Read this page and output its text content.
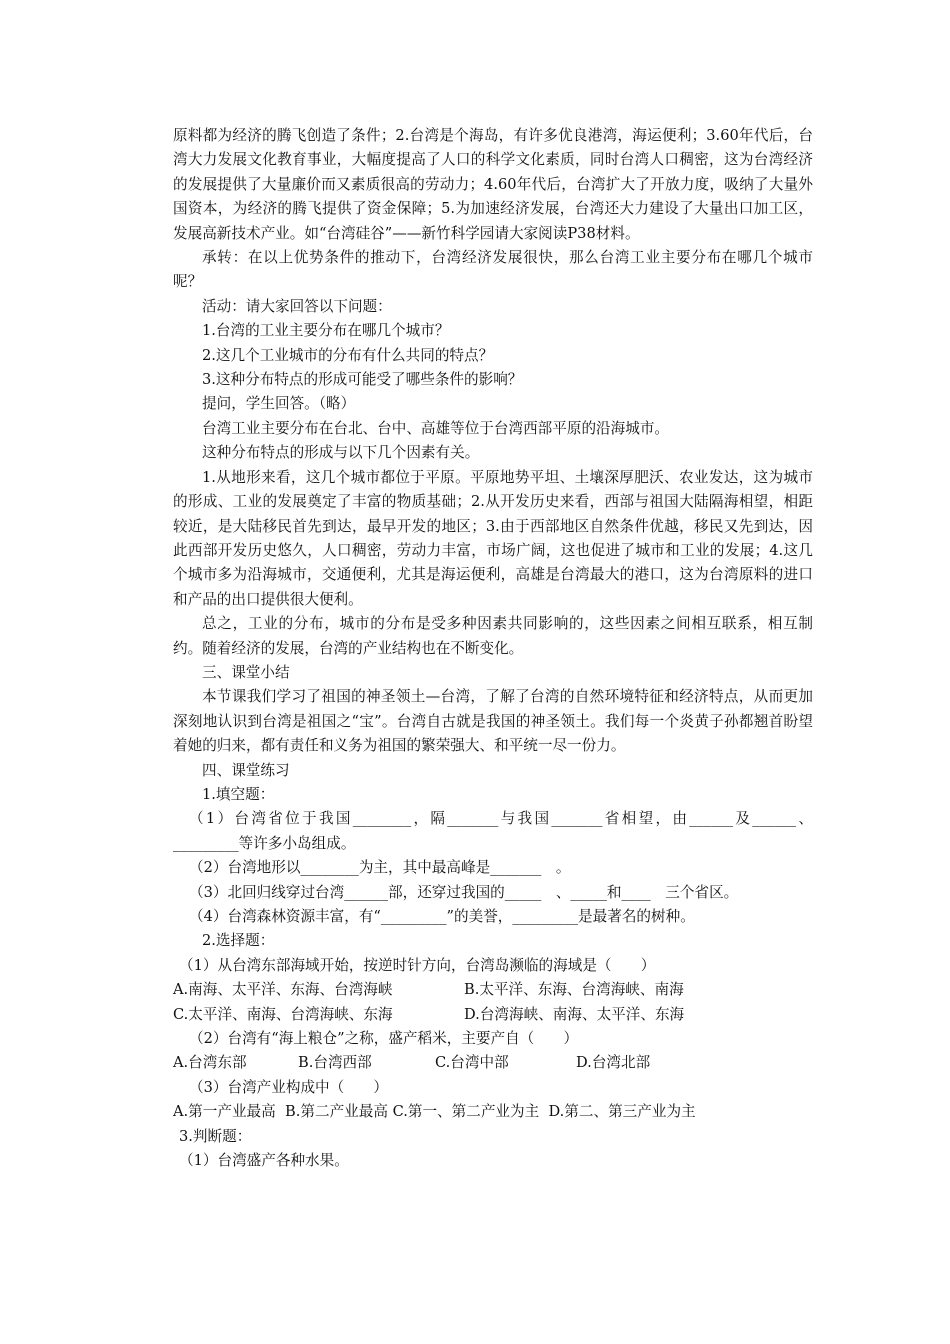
原料都为经济的腾飞创造了条件；2.台湾是个海岛，有许多优良港湾，海运便利；3.60年代后，台湾大力发展文化教育事业，大幅度提高了人口的科学文化素质，同时台湾人口稠密，这为台湾经济的发展提供了大量廉价而又素质很高的劳动力；4.60年代后，台湾扩大了开放力度，吸纳了大量外国资本，为经济的腾飞提供了资金保障；5.为加速经济发展，台湾还大力建设了大量出口加工区，发展高新技术产业。如“台湾硅谷”——新竹科学园请大家阅读P38材料。

承转：在以上优势条件的推动下，台湾经济发展很快，那么台湾工业主要分布在哪几个城市呢？

活动：请大家回答以下问题：

1.台湾的工业主要分布在哪几个城市？

2.这几个工业城市的分布有什么共同的特点？

3.这种分布特点的形成可能受了哪些条件的影响？

提问，学生回答。（略）

台湾工业主要分布在台北、台中、高雄等位于台湾西部平原的沿海城市。

这种分布特点的形成与以下几个因素有关。

1.从地形来看，这几个城市都位于平原。平原地势平坦、土壤深厚肥沃、农业发达，这为城市的形成、工业的发展奠定了丰富的物质基础；2.从开发历史来看，西部与祖国大陆隔海相望，相距较近，是大陆移民首先到达，最早开发的地区；3.由于西部地区自然条件优越，移民又先到达，因此西部开发历史悠久，人口稠密，劳动力丰富，市场广阔，这也促进了城市和工业的发展；4.这几个城市多为沿海城市，交通便利，尤其是海运便利，高雄是台湾最大的港口，这为台湾原料的进口和产品的出口提供很大便利。

总之，工业的分布，城市的分布是受多种因素共同影响的，这些因素之间相互联系，相互制约。随着经济的发展，台湾的产业结构也在不断变化。

三、课堂小结

本节课我们学习了祖国的神圣领土—台湾，了解了台湾的自然环境特征和经济特点，从而更加深刻地认识到台湾是祖国之“宝”。台湾自古就是我国的神圣领土。我们每一个炎黄子孙都翘首盼望着她的归来，都有责任和义务为祖国的繁荣强大、和平统一尽一份力。

四、课堂练习

1.填空题：

（1）台湾省位于我国________，隔_______与我国_______省相望，由______及______、_________等许多小岛组成。

（2）台湾地形以________为主，其中最高峰是_______　。

（3）北回归线穿过台湾______部，还穿过我国的_____　、_____和____　三个省区。

（4）台湾森林资源丰富，有“_________”的美誉，_________是最著名的树种。

2.选择题：

（1）从台湾东部海域开始，按逆时针方向，台湾岛濒临的海域是（　　）

A.南海、太平洋、东海、台湾海峡	B.太平洋、东海、台湾海峡、南海
C.太平洋、南海、台湾海峡、东海	D.台湾海峡、南海、太平洋、东海

（2）台湾有“海上粮仓”之称，盛产稻米，主要产自（　　）

A.台湾东部	B.台湾西部	C.台湾中部	D.台湾北部

（3）台湾产业构成中（　　）

A.第一产业最高  B.第二产业最高 C.第一、第二产业为主  D.第二、第三产业为主

3.判断题：

（1）台湾盛产各种水果。
